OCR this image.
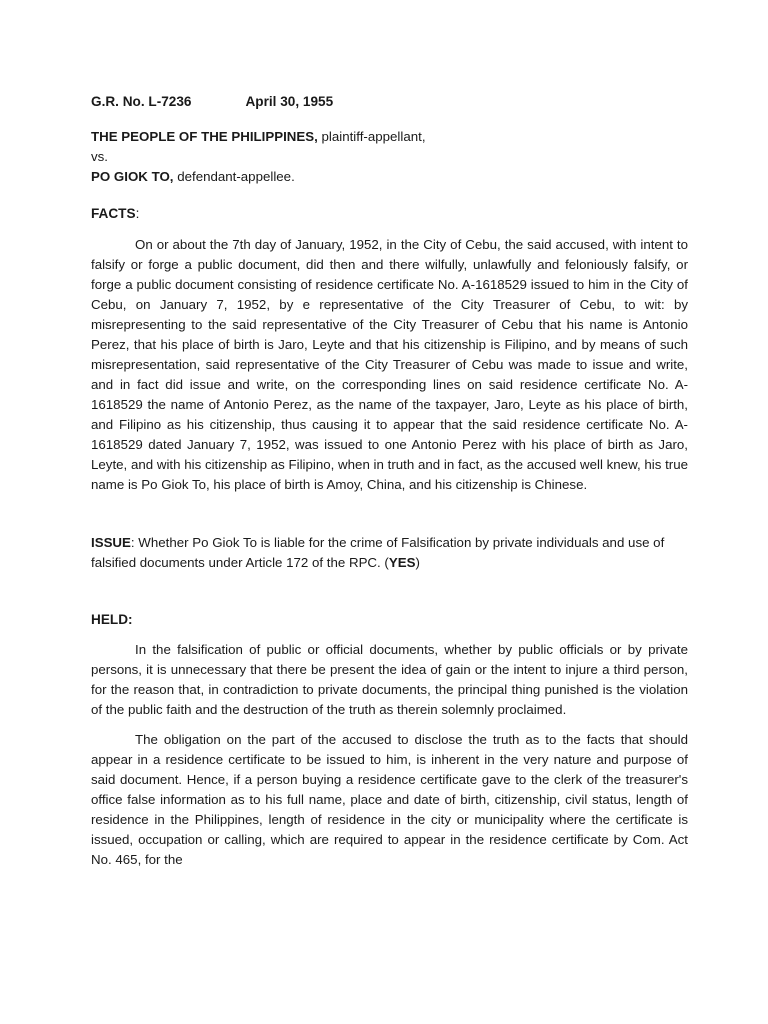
G.R. No. L-7236	April 30, 1955
THE PEOPLE OF THE PHILIPPINES, plaintiff-appellant,
vs.
PO GIOK TO, defendant-appellee.
FACTS:

On or about the 7th day of January, 1952, in the City of Cebu, the said accused, with intent to falsify or forge a public document, did then and there wilfully, unlawfully and feloniously falsify, or forge a public document consisting of residence certificate No. A-1618529 issued to him in the City of Cebu, on January 7, 1952, by e representative of the City Treasurer of Cebu, to wit: by misrepresenting to the said representative of the City Treasurer of Cebu that his name is Antonio Perez, that his place of birth is Jaro, Leyte and that his citizenship is Filipino, and by means of such misrepresentation, said representative of the City Treasurer of Cebu was made to issue and write, and in fact did issue and write, on the corresponding lines on said residence certificate No. A-1618529 the name of Antonio Perez, as the name of the taxpayer, Jaro, Leyte as his place of birth, and Filipino as his citizenship, thus causing it to appear that the said residence certificate No. A-1618529 dated January 7, 1952, was issued to one Antonio Perez with his place of birth as Jaro, Leyte, and with his citizenship as Filipino, when in truth and in fact, as the accused well knew, his true name is Po Giok To, his place of birth is Amoy, China, and his citizenship is Chinese.

ISSUE: Whether Po Giok To is liable for the crime of Falsification by private individuals and use of falsified documents under Article 172 of the RPC. (YES)
HELD:

In the falsification of public or official documents, whether by public officials or by private persons, it is unnecessary that there be present the idea of gain or the intent to injure a third person, for the reason that, in contradiction to private documents, the principal thing punished is the violation of the public faith and the destruction of the truth as therein solemnly proclaimed.

The obligation on the part of the accused to disclose the truth as to the facts that should appear in a residence certificate to be issued to him, is inherent in the very nature and purpose of said document. Hence, if a person buying a residence certificate gave to the clerk of the treasurer's office false information as to his full name, place and date of birth, citizenship, civil status, length of residence in the Philippines, length of residence in the city or municipality where the certificate is issued, occupation or calling, which are required to appear in the residence certificate by Com. Act No. 465, for the
